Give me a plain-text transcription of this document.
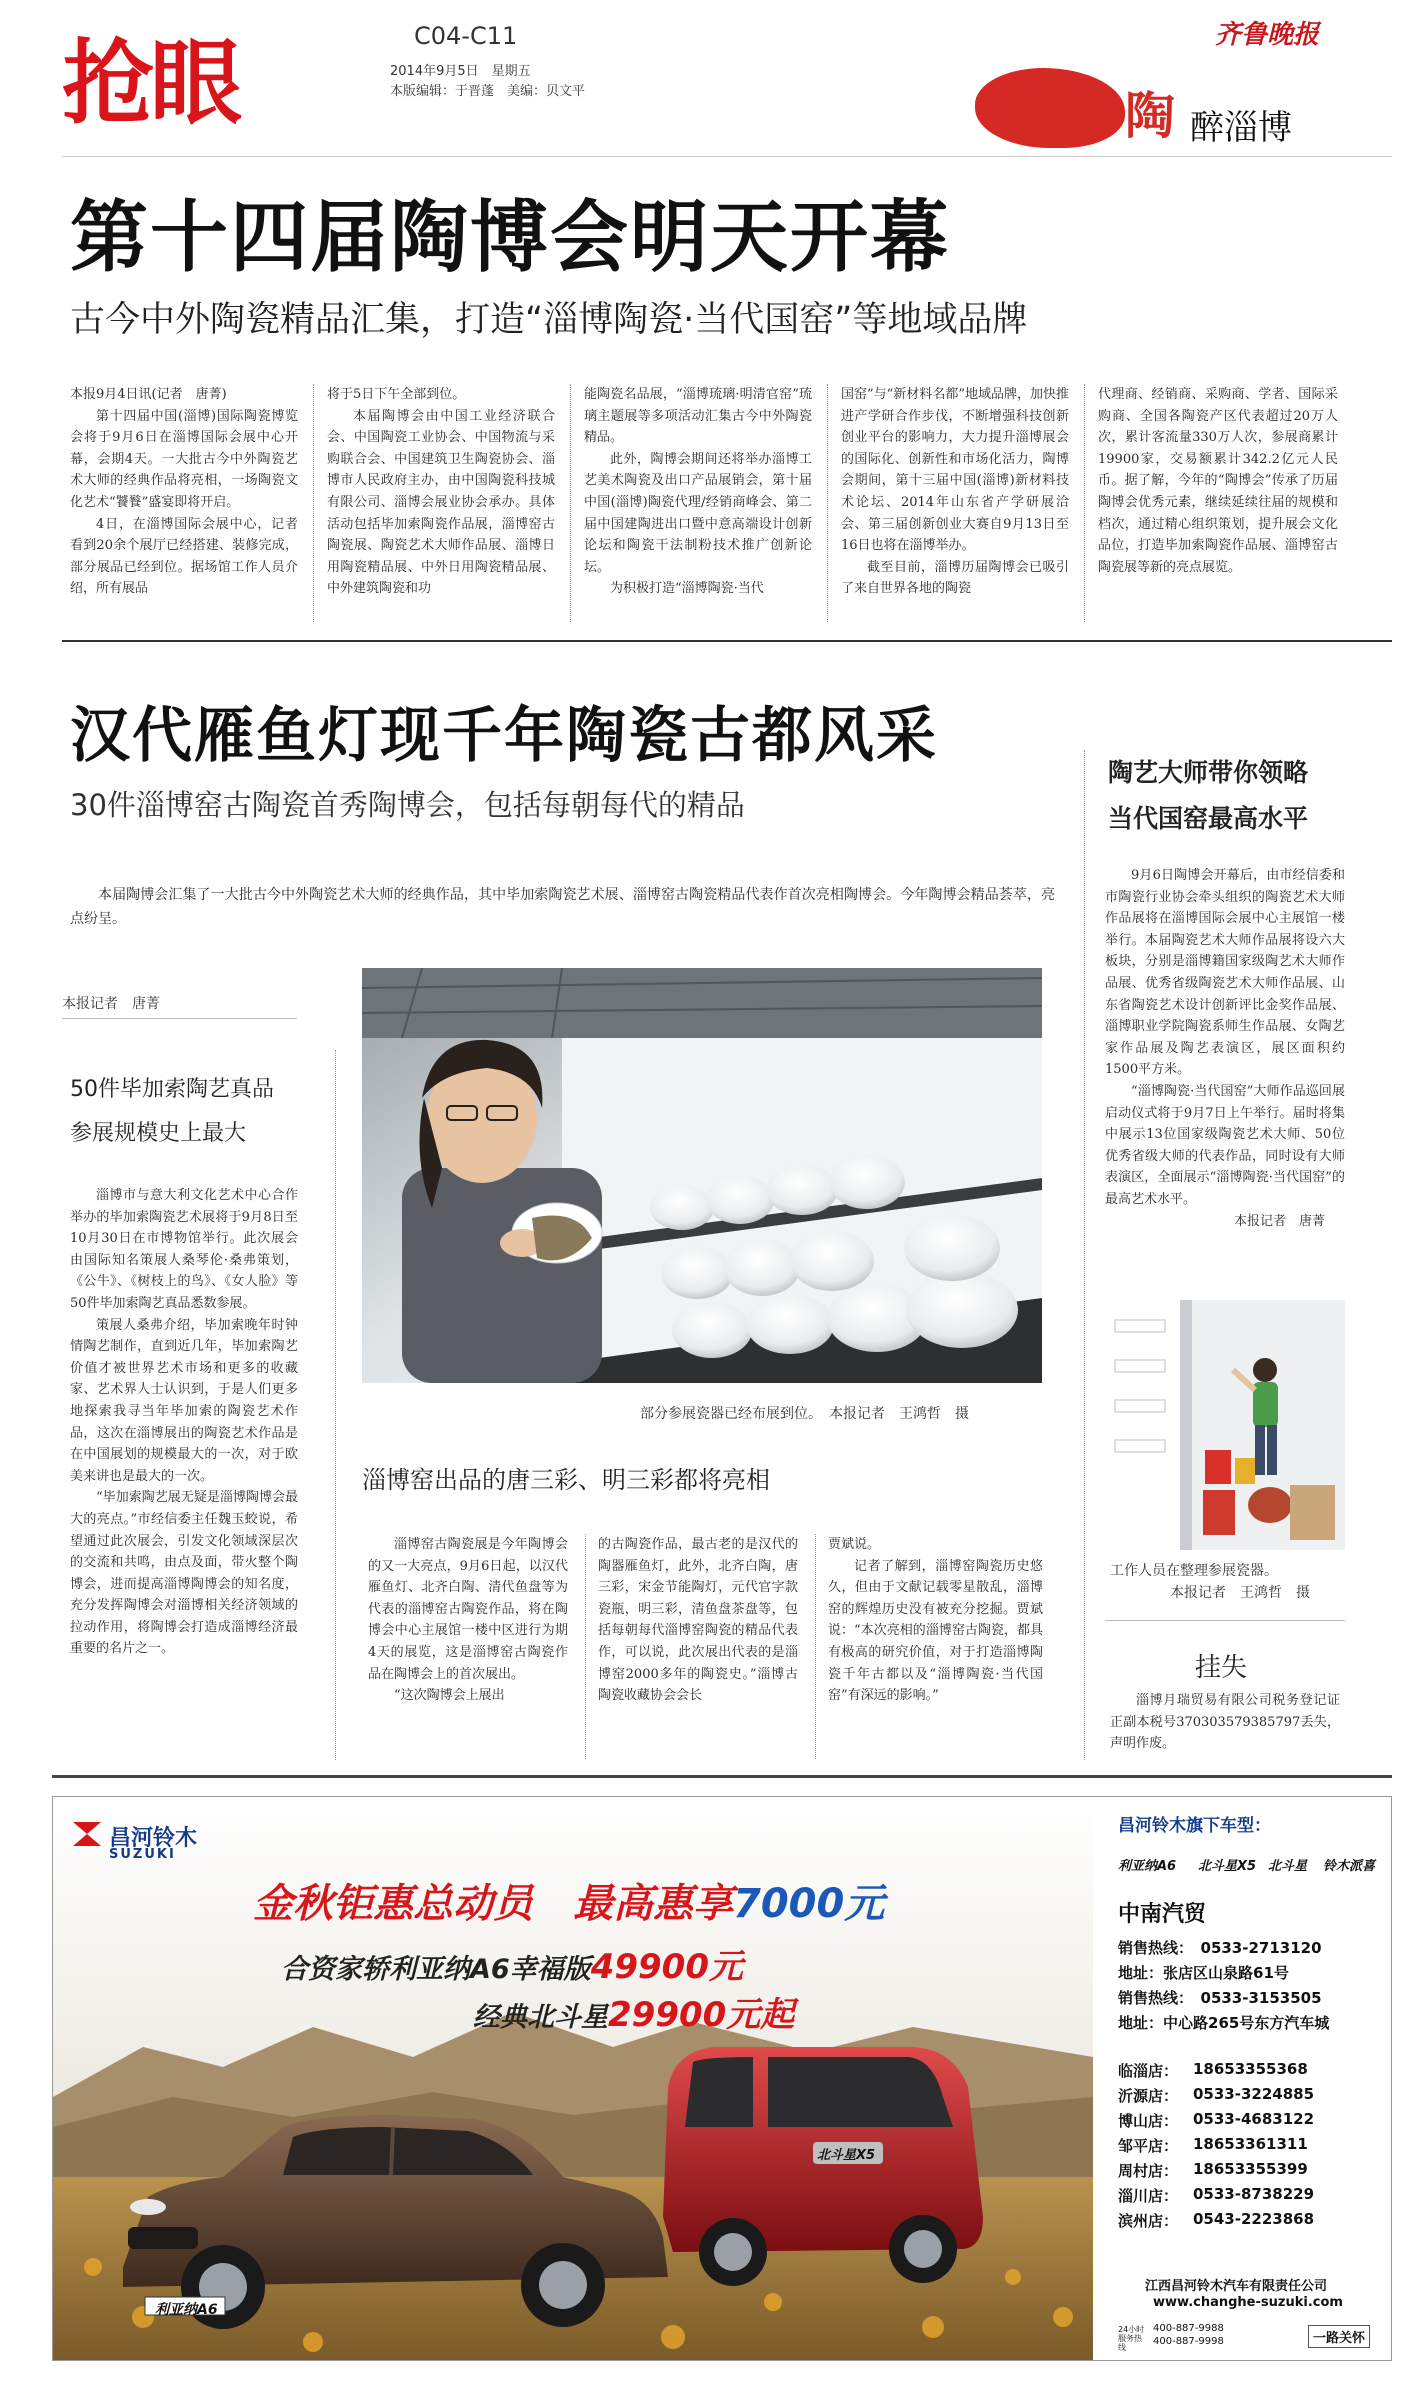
抢眼	C04-C11
2014年9月5日　星期五
本版编辑：于晋蓬　美编：贝文平
齐鲁晚报
陶 醉淄博
第十四届陶博会明天开幕
古今中外陶瓷精品汇集，打造“淄博陶瓷·当代国窑”等地域品牌

本报9月4日讯(记者　唐菁)

第十四届中国(淄博)国际陶瓷博览会将于9月6日在淄博国际会展中心开幕，会期4天。一大批古今中外陶瓷艺术大师的经典作品将亮相，一场陶瓷文化艺术“饕餮”盛宴即将开启。

4日，在淄博国际会展中心，记者看到20余个展厅已经搭建、装修完成，部分展品已经到位。据场馆工作人员介绍，所有展品

将于5日下午全部到位。

本届陶博会由中国工业经济联合会、中国陶瓷工业协会、中国物流与采购联合会、中国建筑卫生陶瓷协会、淄博市人民政府主办，由中国陶瓷科技城有限公司、淄博会展业协会承办。具体活动包括毕加索陶瓷作品展，淄博窑古陶瓷展、陶瓷艺术大师作品展、淄博日用陶瓷精品展、中外日用陶瓷精品展、中外建筑陶瓷和功

能陶瓷名品展，“淄博琉璃·明清官窑”琉璃主题展等多项活动汇集古今中外陶瓷精品。

此外，陶博会期间还将举办淄博工艺美术陶瓷及出口产品展销会，第十届中国(淄博)陶瓷代理/经销商峰会、第二届中国建陶进出口暨中意高端设计创新论坛和陶瓷干法制粉技术推广创新论坛。

为积极打造“淄博陶瓷·当代

国窑”与“新材料名都”地域品牌，加快推进产学研合作步伐，不断增强科技创新创业平台的影响力，大力提升淄博展会的国际化、创新性和市场化活力，陶博会期间，第十三届中国(淄博)新材料技术论坛、2014年山东省产学研展洽会、第三届创新创业大赛自9月13日至16日也将在淄博举办。

截至目前，淄博历届陶博会已吸引了来自世界各地的陶瓷

代理商、经销商、采购商、学者、国际采购商、全国各陶瓷产区代表超过20万人次，累计客流量330万人次，参展商累计19900家，交易额累计342.2亿元人民币。据了解，今年的“陶博会”传承了历届陶博会优秀元素，继续延续往届的规模和档次，通过精心组织策划，提升展会文化品位，打造毕加索陶瓷作品展、淄博窑古陶瓷展等新的亮点展览。

汉代雁鱼灯现千年陶瓷古都风采
30件淄博窑古陶瓷首秀陶博会，包括每朝每代的精品
本届陶博会汇集了一大批古今中外陶瓷艺术大师的经典作品，其中毕加索陶瓷艺术展、淄博窑古陶瓷精品代表作首次亮相陶博会。今年陶博会精品荟萃，亮点纷呈。
本报记者　唐菁
50件毕加索陶艺真品
参展规模史上最大

淄博市与意大利文化艺术中心合作举办的毕加索陶瓷艺术展将于9月8日至10月30日在市博物馆举行。此次展会由国际知名策展人桑琴伦·桑弗策划，《公牛》、《树枝上的鸟》、《女人脸》等50件毕加索陶艺真品悉数参展。

策展人桑弗介绍，毕加索晚年时钟情陶艺制作，直到近几年，毕加索陶艺价值才被世界艺术市场和更多的收藏家、艺术界人士认识到，于是人们更多地探索我寻当年毕加索的陶瓷艺术作品，这次在淄博展出的陶瓷艺术作品是在中国展划的规模最大的一次，对于欧美来讲也是最大的一次。

“毕加索陶艺展无疑是淄博陶博会最大的亮点。”市经信委主任魏玉蛟说，希望通过此次展会，引发文化领域深层次的交流和共鸣，由点及面，带火整个陶博会，进而提高淄博陶博会的知名度，充分发挥陶博会对淄博相关经济领域的拉动作用，将陶博会打造成淄博经济最重要的名片之一。

部分参展瓷器已经布展到位。　本报记者　王鸿哲　摄
淄博窑出品的唐三彩、明三彩都将亮相

淄博窑古陶瓷展是今年陶博会的又一大亮点，9月6日起，以汉代雁鱼灯、北齐白陶、清代鱼盘等为代表的淄博窑古陶瓷作品，将在陶博会中心主展馆一楼中区进行为期4天的展览，这是淄博窑古陶瓷作品在陶博会上的首次展出。

“这次陶博会上展出

的古陶瓷作品，最古老的是汉代的陶器雁鱼灯，此外，北齐白陶，唐三彩，宋金节能陶灯，元代官字款瓷瓶，明三彩，清鱼盘茶盘等，包括每朝每代淄博窑陶瓷的精品代表作，可以说，此次展出代表的是淄博窑2000多年的陶瓷史。”淄博古陶瓷收藏协会会长

贾斌说。

记者了解到，淄博窑陶瓷历史悠久，但由于文献记载零星散乱，淄博窑的辉煌历史没有被充分挖掘。贾斌说：“本次亮相的淄博窑古陶瓷，都具有极高的研究价值，对于打造淄博陶瓷千年古都以及“淄博陶瓷·当代国窑”有深远的影响。”

陶艺大师带你领略
当代国窑最高水平

9月6日陶博会开幕后，由市经信委和市陶瓷行业协会牵头组织的陶瓷艺术大师作品展将在淄博国际会展中心主展馆一楼举行。本届陶瓷艺术大师作品展将设六大板块，分别是淄博籍国家级陶艺术大师作品展、优秀省级陶瓷艺术大师作品展、山东省陶瓷艺术设计创新评比金奖作品展、淄博职业学院陶瓷系师生作品展、女陶艺家作品展及陶艺表演区，展区面积约1500平方米。

“淄博陶瓷·当代国窑”大师作品巡回展启动仪式将于9月7日上午举行。届时将集中展示13位国家级陶瓷艺术大师、50位优秀省级大师的代表作品，同时设有大师表演区，全面展示“淄博陶瓷·当代国窑”的最高艺术水平。

本报记者　唐菁

工作人员在整理参展瓷器。
本报记者　王鸿哲　摄
挂失
淄博月瑞贸易有限公司税务登记证正副本税号370303579385797丢失，声明作废。
昌河铃木
SUZUKI
金秋钜惠总动员 最高惠享7000元
合资家轿利亚纳A6幸福版49900元
经典北斗星29900元起
利亚纳A6
北斗星X5
昌河铃木旗下车型：
利亚纳A6 北斗星X5 北斗星 铃木派喜
中南汽贸
销售热线：　0533-2713120
地址：张店区山泉路61号
销售热线：　0533-3153505
地址：中心路265号东方汽车城
临淄店： 18653355368
沂源店： 0533-3224885
博山店： 0533-4683122
邹平店： 18653361311
周村店： 18653355399
淄川店： 0533-8738229
滨州店： 0543-2223868
江西昌河铃木汽车有限责任公司
www.changhe-suzuki.com
24小时服务热线
400-887-9988
400-887-9998	一路关怀
